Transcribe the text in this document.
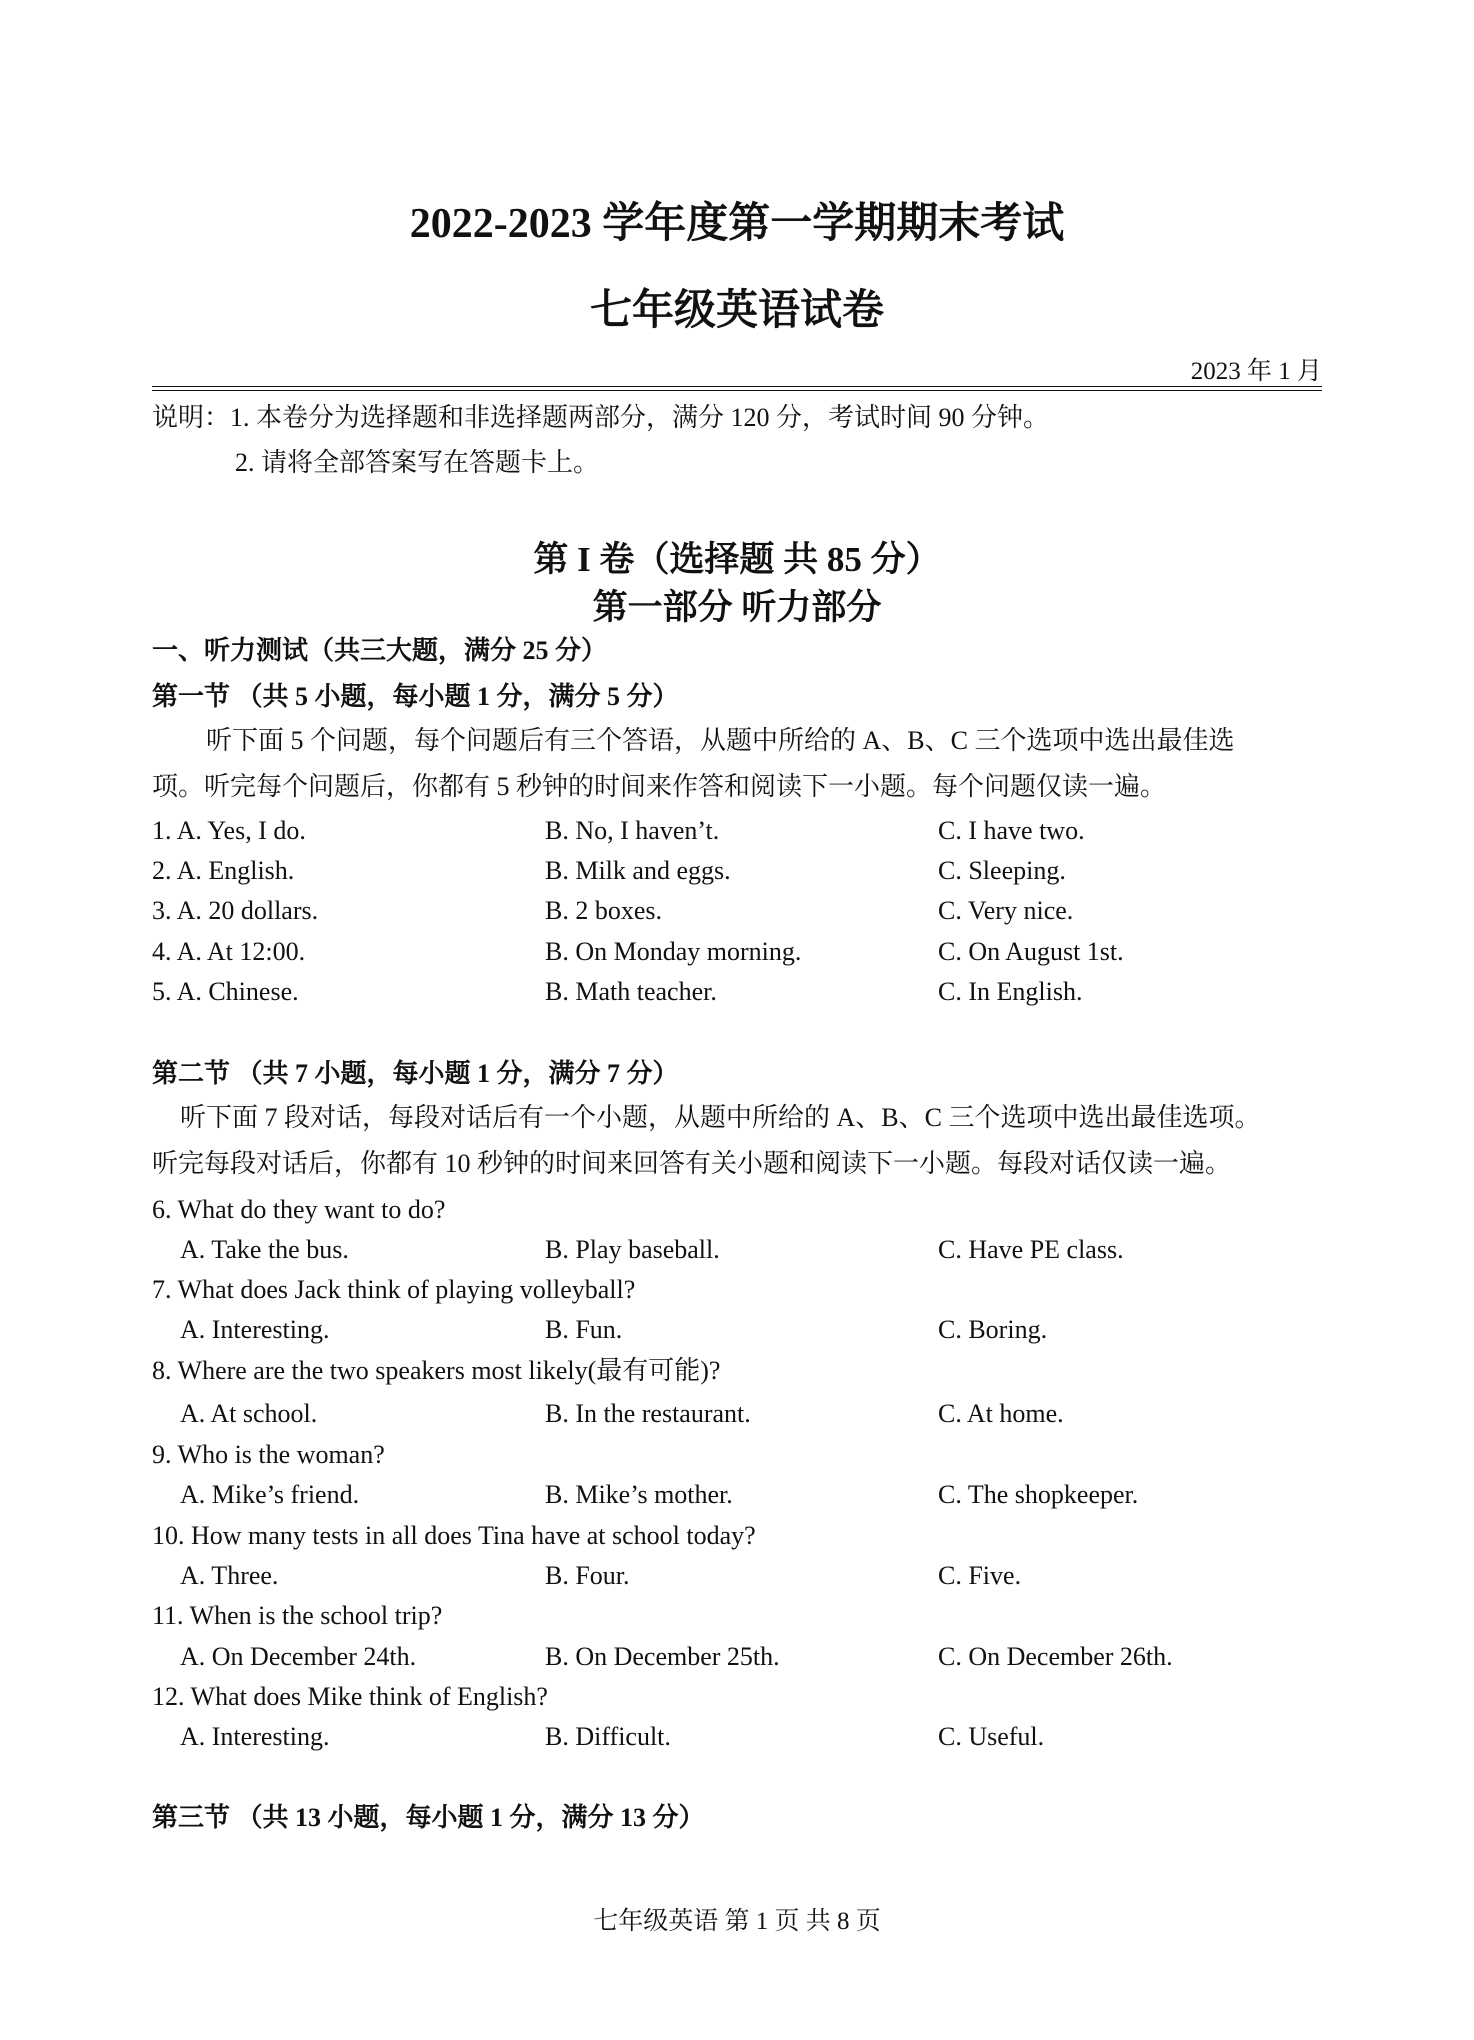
2022-2023 学年度第一学期期末考试
七年级英语试卷
2023 年 1 月
说明：1. 本卷分为选择题和非选择题两部分，满分 120 分，考试时间 90 分钟。
2. 请将全部答案写在答题卡上。
第 I 卷（选择题 共 85 分）
第一部分 听力部分
一、听力测试（共三大题，满分 25 分）
第一节 （共 5 小题，每小题 1 分，满分 5 分）
听下面 5 个问题，每个问题后有三个答语，从题中所给的 A、B、C 三个选项中选出最佳选
项。听完每个问题后，你都有 5 秒钟的时间来作答和阅读下一小题。每个问题仅读一遍。
1. A. Yes, I do.	B. No, I haven’t.	C. I have two.
2. A. English.	B. Milk and eggs.	C. Sleeping.
3. A. 20 dollars.	B. 2 boxes.	C. Very nice.
4. A. At 12:00.	B. On Monday morning.	C. On August 1st.
5. A. Chinese.	B. Math teacher.	C. In English.
第二节 （共 7 小题，每小题 1 分，满分 7 分）
听下面 7 段对话，每段对话后有一个小题，从题中所给的 A、B、C 三个选项中选出最佳选项。
听完每段对话后，你都有 10 秒钟的时间来回答有关小题和阅读下一小题。每段对话仅读一遍。
6. What do they want to do?
A. Take the bus.	B. Play baseball.	C. Have PE class.
7. What does Jack think of playing volleyball?
A. Interesting.	B. Fun.	C. Boring.
8. Where are the two speakers most likely(最有可能)?
A. At school.	B. In the restaurant.	C. At home.
9. Who is the woman?
A. Mike’s friend.	B. Mike’s mother.	C. The shopkeeper.
10. How many tests in all does Tina have at school today?
A. Three.	B. Four.	C. Five.
11. When is the school trip?
A. On December 24th.	B. On December 25th.	C. On December 26th.
12. What does Mike think of English?
A. Interesting.	B. Difficult.	C. Useful.
第三节 （共 13 小题，每小题 1 分，满分 13 分）
七年级英语 第 1 页 共 8 页
